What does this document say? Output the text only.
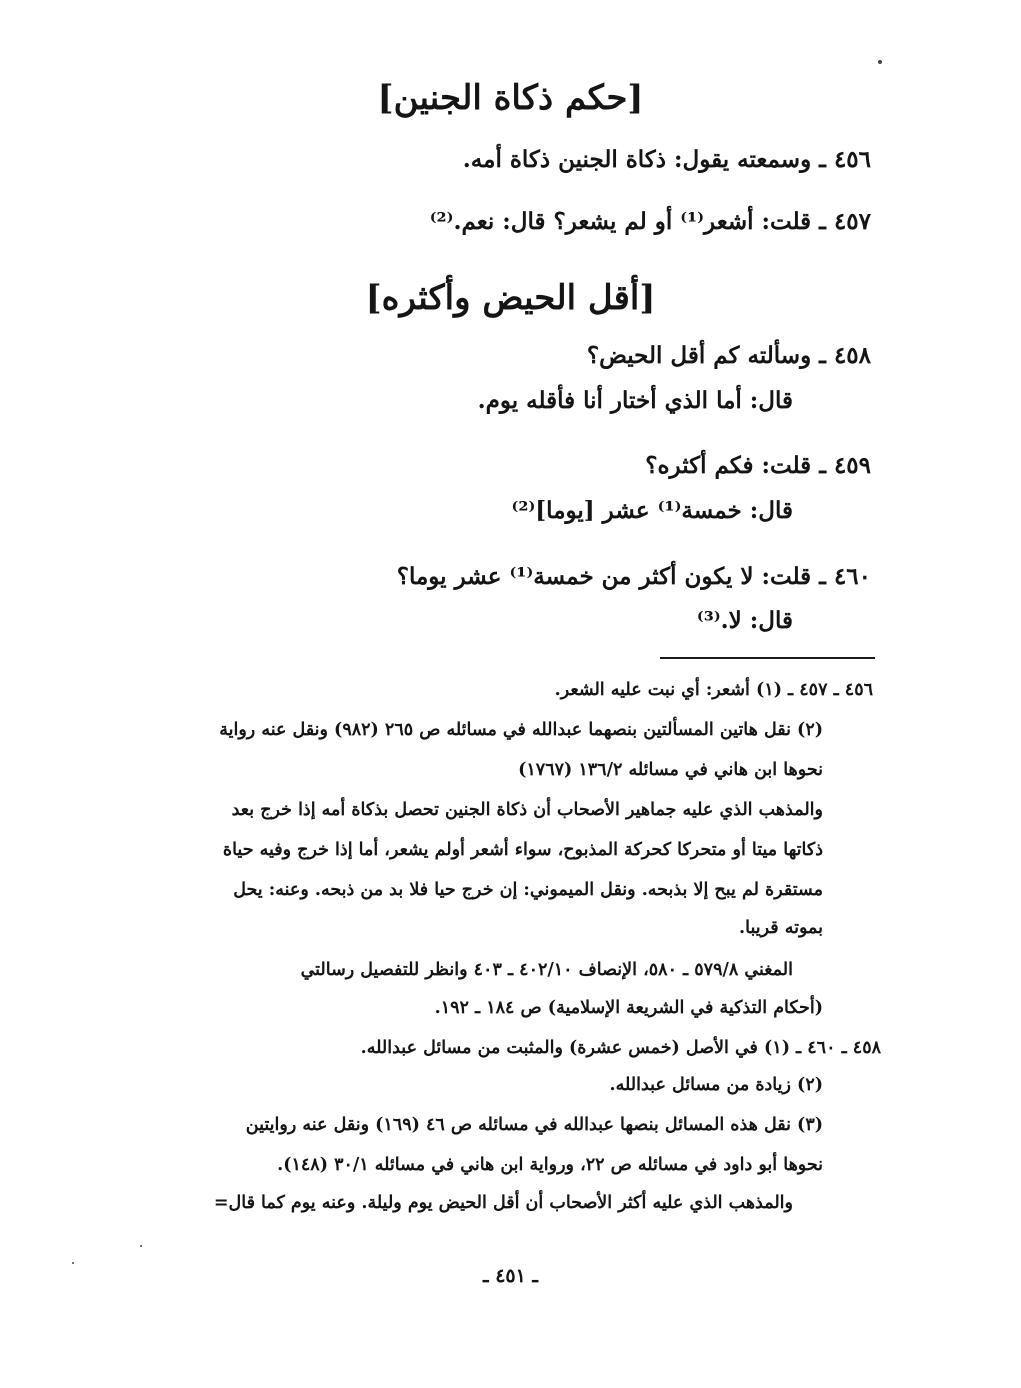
[حكم ذكاة الجنين]
٤٥٦ ـ وسمعته يقول: ذكاة الجنين ذكاة أمه.
٤٥٧ ـ قلت: أشعر⁽¹⁾ أو لم يشعر؟ قال: نعم.⁽²⁾
[أقل الحيض وأكثره]
٤٥٨ ـ وسألته كم أقل الحيض؟
قال: أما الذي أختار أنا فأقله يوم.
٤٥٩ ـ قلت: فكم أكثره؟
قال: خمسة⁽¹⁾ عشر [يوما]⁽²⁾
٤٦٠ ـ قلت: لا يكون أكثر من خمسة⁽¹⁾ عشر يوما؟
قال: لا.⁽³⁾
٤٥٦ ـ ٤٥٧ ـ (١) أشعر: أي نبت عليه الشعر.
(٢) نقل هاتين المسألتين بنصهما عبدالله في مسائله ص ٢٦٥ (٩٨٢) ونقل عنه رواية
نحوها ابن هاني في مسائله ١٣٦/٢ (١٧٦٧)
والمذهب الذي عليه جماهير الأصحاب أن ذكاة الجنين تحصل بذكاة أمه إذا خرج بعد
ذكاتها ميتا أو متحركا كحركة المذبوح، سواء أشعر أولم يشعر، أما إذا خرج وفيه حياة
مستقرة لم يبح إلا بذبحه. ونقل الميموني: إن خرج حيا فلا بد من ذبحه. وعنه: يحل
بموته قريبا.
المغني ٥٧٩/٨ ـ ٥٨٠، الإنصاف ٤٠٢/١٠ ـ ٤٠٣ وانظر للتفصيل رسالتي
(أحكام التذكية في الشريعة الإسلامية) ص ١٨٤ ـ ١٩٢.
٤٥٨ ـ ٤٦٠ ـ (١) في الأصل (خمس عشرة) والمثبت من مسائل عبدالله.
(٢) زيادة من مسائل عبدالله.
(٣) نقل هذه المسائل بنصها عبدالله في مسائله ص ٤٦ (١٦٩) ونقل عنه روايتين
نحوها أبو داود في مسائله ص ٢٢، ورواية ابن هاني في مسائله ٣٠/١ (١٤٨).
والمذهب الذي عليه أكثر الأصحاب أن أقل الحيض يوم وليلة. وعنه يوم كما قال=
ـ ٤٥١ ـ
